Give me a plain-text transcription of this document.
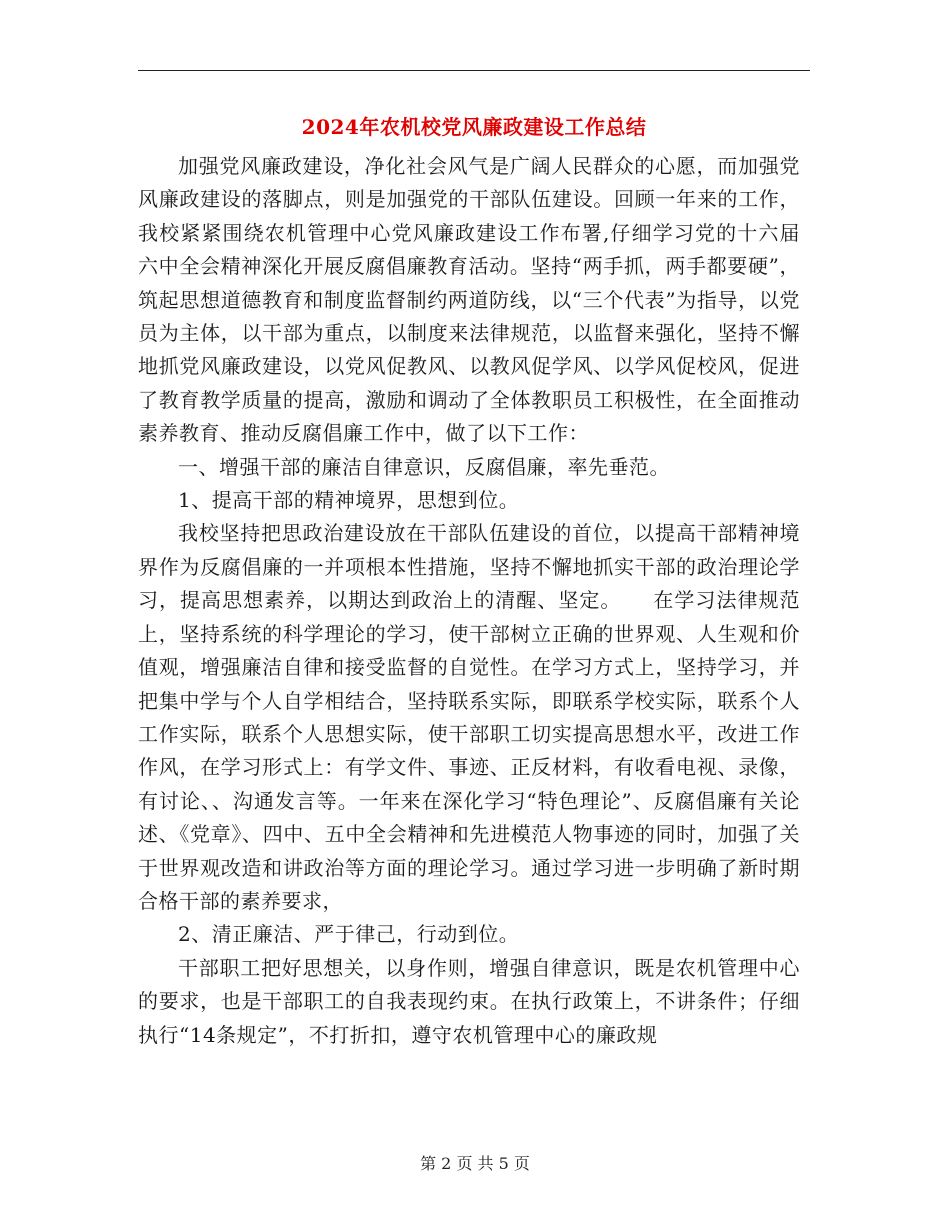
2024年农机校党风廉政建设工作总结

加强党风廉政建设，净化社会风气是广阔人民群众的心愿，而加强党风廉政建设的落脚点，则是加强党的干部队伍建设。回顾一年来的工作，我校紧紧围绕农机管理中心党风廉政建设工作布署,仔细学习党的十六届六中全会精神深化开展反腐倡廉教育活动。坚持“两手抓，两手都要硬”，筑起思想道德教育和制度监督制约两道防线，以“三个代表”为指导，以党员为主体，以干部为重点，以制度来法律规范，以监督来强化，坚持不懈地抓党风廉政建设，以党风促教风、以教风促学风、以学风促校风，促进了教育教学质量的提高，激励和调动了全体教职员工积极性，在全面推动素养教育、推动反腐倡廉工作中，做了以下工作：

一、增强干部的廉洁自律意识，反腐倡廉，率先垂范。

1、提高干部的精神境界，思想到位。

我校坚持把思政治建设放在干部队伍建设的首位，以提高干部精神境界作为反腐倡廉的一并项根本性措施，坚持不懈地抓实干部的政治理论学习，提高思想素养，以期达到政治上的清醒、坚定。　　在学习法律规范上，坚持系统的科学理论的学习，使干部树立正确的世界观、人生观和价值观，增强廉洁自律和接受监督的自觉性。在学习方式上，坚持学习，并把集中学与个人自学相结合，坚持联系实际，即联系学校实际，联系个人工作实际，联系个人思想实际，使干部职工切实提高思想水平，改进工作作风，在学习形式上：有学文件、事迹、正反材料，有收看电视、录像，有讨论、、沟通发言等。一年来在深化学习“特色理论”、反腐倡廉有关论述、《党章》、四中、五中全会精神和先进模范人物事迹的同时，加强了关于世界观改造和讲政治等方面的理论学习。通过学习进一步明确了新时期合格干部的素养要求，

2、清正廉洁、严于律己，行动到位。

干部职工把好思想关，以身作则，增强自律意识，既是农机管理中心的要求，也是干部职工的自我表现约束。在执行政策上，不讲条件；仔细执行“14条规定”，不打折扣，遵守农机管理中心的廉政规

第 2 页 共 5 页
